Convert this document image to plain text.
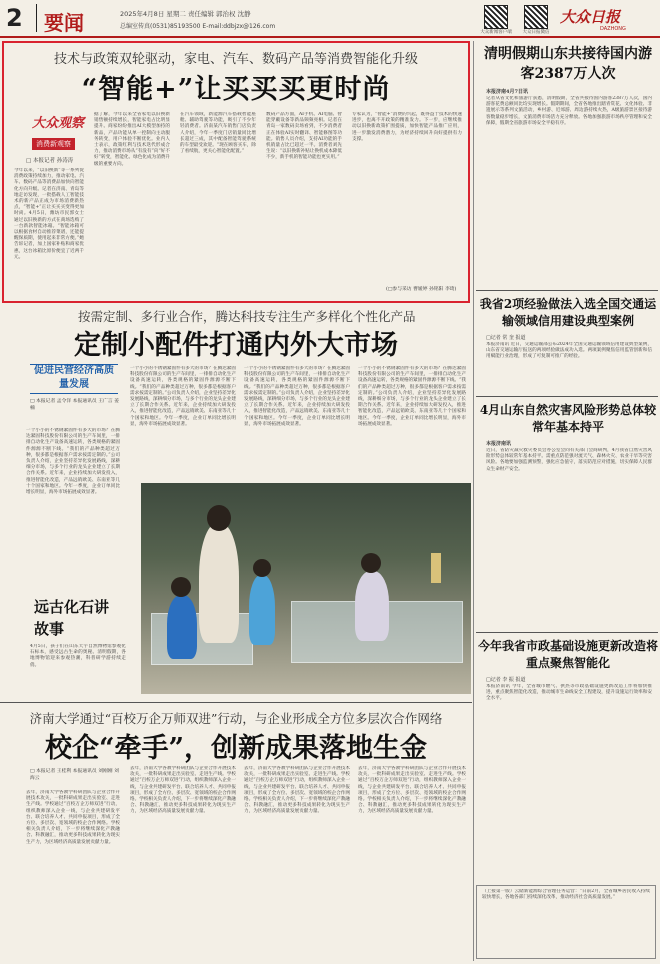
2 要闻	2025年4月8日 星期二 责任编辑 郭治权 沈静
总编室传真(0531)85193500 E-mail:ddbjzx@126.com
大众新闻客户端	大众日报微信
大众日报
DAZHONG
技术与政策双轮驱动，家电、汽车、数码产品等消费智能化升级
“智能+”让买买买更时尚
大众观察
消费新观察
□ 本报记者 孙涛涛
今年以来，“以旧换新”等一系列促消费政策持续加力，推动家电、汽车、数码产品等消费品加快向智能化方向升级。记者在济南、青岛等地走访发现，一批搭载人工智能技术的新产品正成为市场消费新热点，“智能+”正让买买买变得更加时尚。4月5日，潍坊市民郭女士通过以旧换新的方式在商场选购了一台新款智能冰箱。“智能冰箱可以根据食材自动推荐菜谱，还能提醒保质期，使用起来非常方便。”她告诉记者，加上国家补贴和商家优惠，这台冰箱比原价便宜了近两千元。
据了解，今年以来全省家电以旧换新销售额持续增长，智能家电占比明显提升。商家纷纷推出AI大模型加持的新品，产品功能从单一控制向主动服务转变，用户体验不断优化。业内人士表示，政策红利与技术迭代形成合力，推动消费市场从“有没有”向“好不好”转变，智能化、绿色化成为消费升级的重要方向。
在汽车领域，新能源汽车搭载智能座舱、辅助驾驶等功能，吸引了不少年轻消费者。济南某汽车销售门店负责人介绍，今年一季度门店销量同比增长超过三成，其中配备智能驾驶系统的车型最受欢迎。“现在顾客买车，除了看续航，更关心智能化配置。”
数码产品方面，AI手机、AI电脑、智能穿戴设备等新品频频亮相。记者在青岛一家数码卖场看到，不少消费者正在体验AI实时翻译、智能修图等功能。销售人员介绍，支持AI功能的手机销量占比已超过一半。消费者刘先生说：“以旧换新补贴让换机成本降低不少，新手机的智能功能也更实用。”
专家认为，“智能+”消费的兴起，既得益于技术的快速进步，也离不开政策的精准发力。下一步，应继续推动以旧换新政策扩围提质，加快智能产品推广应用，进一步激发消费潜力，为经济持续回升向好提供有力支撑。
(□参与采访 曹媛婷 孙铭阳 李琦)
清明假期山东共接待国内游客2387万人次
本报济南4月7日讯
记者从省文化和旅游厅获悉，清明假期，全省共接待国内游客2387万人次，国内游客花费总额同比均实现增长。假期期间，全省各地推出踏青赏花、文化体验、非遗展示等系列文旅活动，乡村游、近郊游、周边游持续火热，A级旅游景区接待游客数量稳步增长，文旅消费市场活力充分释放。各地加强旅游市场秩序管理和安全保障，假期全省旅游市场安全平稳有序。
按需定制、多行业合作，腾达科技专注生产多样化个性化产品
定制小配件打通内外大市场
促进民营经济高质量发展
□ 本报记者 孟令洋 本报通讯员 王广言 姜楠
一个小小的不锈钢紧固件有多大的市场？在腾达紧固科技股份有限公司的生产车间里，一排排自动化生产设备高速运转，各类规格的紧固件源源不断下线。“我们的产品种类超过万种，很多都是根据客户需求按需定制的。”公司负责人介绍，企业坚持差异化发展路线，深耕细分市场，与多个行业的龙头企业建立了长期合作关系。近年来，企业持续加大研发投入，推进智能化改造，产品远销欧美、东南亚等几十个国家和地区。今年一季度，企业订单同比增长明显，海外市场拓展成效显著。
一个小小的不锈钢紧固件有多大的市场？在腾达紧固科技股份有限公司的生产车间里，一排排自动化生产设备高速运转，各类规格的紧固件源源不断下线。“我们的产品种类超过万种，很多都是根据客户需求按需定制的。”公司负责人介绍，企业坚持差异化发展路线，深耕细分市场，与多个行业的龙头企业建立了长期合作关系。近年来，企业持续加大研发投入，推进智能化改造，产品远销欧美、东南亚等几十个国家和地区。今年一季度，企业订单同比增长明显，海外市场拓展成效显著。
一个小小的不锈钢紧固件有多大的市场？在腾达紧固科技股份有限公司的生产车间里，一排排自动化生产设备高速运转，各类规格的紧固件源源不断下线。“我们的产品种类超过万种，很多都是根据客户需求按需定制的。”公司负责人介绍，企业坚持差异化发展路线，深耕细分市场，与多个行业的龙头企业建立了长期合作关系。近年来，企业持续加大研发投入，推进智能化改造，产品远销欧美、东南亚等几十个国家和地区。今年一季度，企业订单同比增长明显，海外市场拓展成效显著。
一个小小的不锈钢紧固件有多大的市场？在腾达紧固科技股份有限公司的生产车间里，一排排自动化生产设备高速运转，各类规格的紧固件源源不断下线。“我们的产品种类超过万种，很多都是根据客户需求按需定制的。”公司负责人介绍，企业坚持差异化发展路线，深耕细分市场，与多个行业的龙头企业建立了长期合作关系。近年来，企业持续加大研发投入，推进智能化改造，产品远销欧美、东南亚等几十个国家和地区。今年一季度，企业订单同比增长明显，海外市场拓展成效显著。
远古化石讲故事
4月5日，孩子们在山东天宇自然博物馆参观化石标本，感受远古生命的奥秘。清明假期，各地博物馆迎来参观热潮，科普研学游持续走俏。
我省2项经验做法入选全国交通运输领域信用建设典型案例
□记者 常 奎 报道
本报济南讯 近日，交通运输部公布2024年全国交通运输领域信用建设典型案例，山东省交通运输厅报送的两项经验做法成功入选。两项案例聚焦信用监管创新和信用赋能行业治理，形成了可复制可推广的经验。
4月山东自然灾害风险形势总体较常年基本持平
本报济南讯
近日，省防灾减灾救灾委员会办公室会同有关部门会商研判，4月我省自然灾害风险形势总体较常年基本持平。需重点防范强对流天气、森林火灾、农业干旱等灾害风险。各地要加强监测预警，强化应急值守，落实防范应对措施，切实保障人民群众生命财产安全。
今年我省市政基础设施更新改造将重点聚焦智能化
□记者 李 振 报道
本报济南讯 今年，全省城市燃气、供热等市政基础设施更新改造工作将加快推进，重点聚焦智能化改造，推动城市生命线安全工程建设，提升设施运行效率和安全水平。
济南大学通过“百校万企万师双进”行动，与企业形成全方位多层次合作网络
校企“牵手”，创新成果落地生金
□ 本报记者 王桂利 本报通讯员 刘刚刚 刘海云
去年，济南大学各教学科研团队与企业合作开展技术攻关，一批科研成果走出实验室、走进生产线。学校通过“百校万企万师双进”行动，组织教师深入企业一线，与企业共建研发平台、联合培养人才、共同申报项目，形成了全方位、多层次、宽领域的校企合作网络。学校相关负责人介绍，下一步将继续深化产教融合、科教融汇，推动更多科技成果转化为现实生产力，为区域经济高质量发展贡献力量。
去年，济南大学各教学科研团队与企业合作开展技术攻关，一批科研成果走出实验室、走进生产线。学校通过“百校万企万师双进”行动，组织教师深入企业一线，与企业共建研发平台、联合培养人才、共同申报项目，形成了全方位、多层次、宽领域的校企合作网络。学校相关负责人介绍，下一步将继续深化产教融合、科教融汇，推动更多科技成果转化为现实生产力，为区域经济高质量发展贡献力量。
去年，济南大学各教学科研团队与企业合作开展技术攻关，一批科研成果走出实验室、走进生产线。学校通过“百校万企万师双进”行动，组织教师深入企业一线，与企业共建研发平台、联合培养人才、共同申报项目，形成了全方位、多层次、宽领域的校企合作网络。学校相关负责人介绍，下一步将继续深化产教融合、科教融汇，推动更多科技成果转化为现实生产力，为区域经济高质量发展贡献力量。
去年，济南大学各教学科研团队与企业合作开展技术攻关，一批科研成果走出实验室、走进生产线。学校通过“百校万企万师双进”行动，组织教师深入企业一线，与企业共建研发平台、联合培养人才、共同申报项目，形成了全方位、多层次、宽领域的校企合作网络。学校相关负责人介绍，下一步将继续深化产教融合、科教融汇，推动更多科技成果转化为现实生产力，为区域经济高质量发展贡献力量。
（上接第一版）云储新能源综合管理任务运营：“日前2月，全省城乡居民收入持续较快增长，各地各部门持续深化改革，推动经济社会高质量发展。”
